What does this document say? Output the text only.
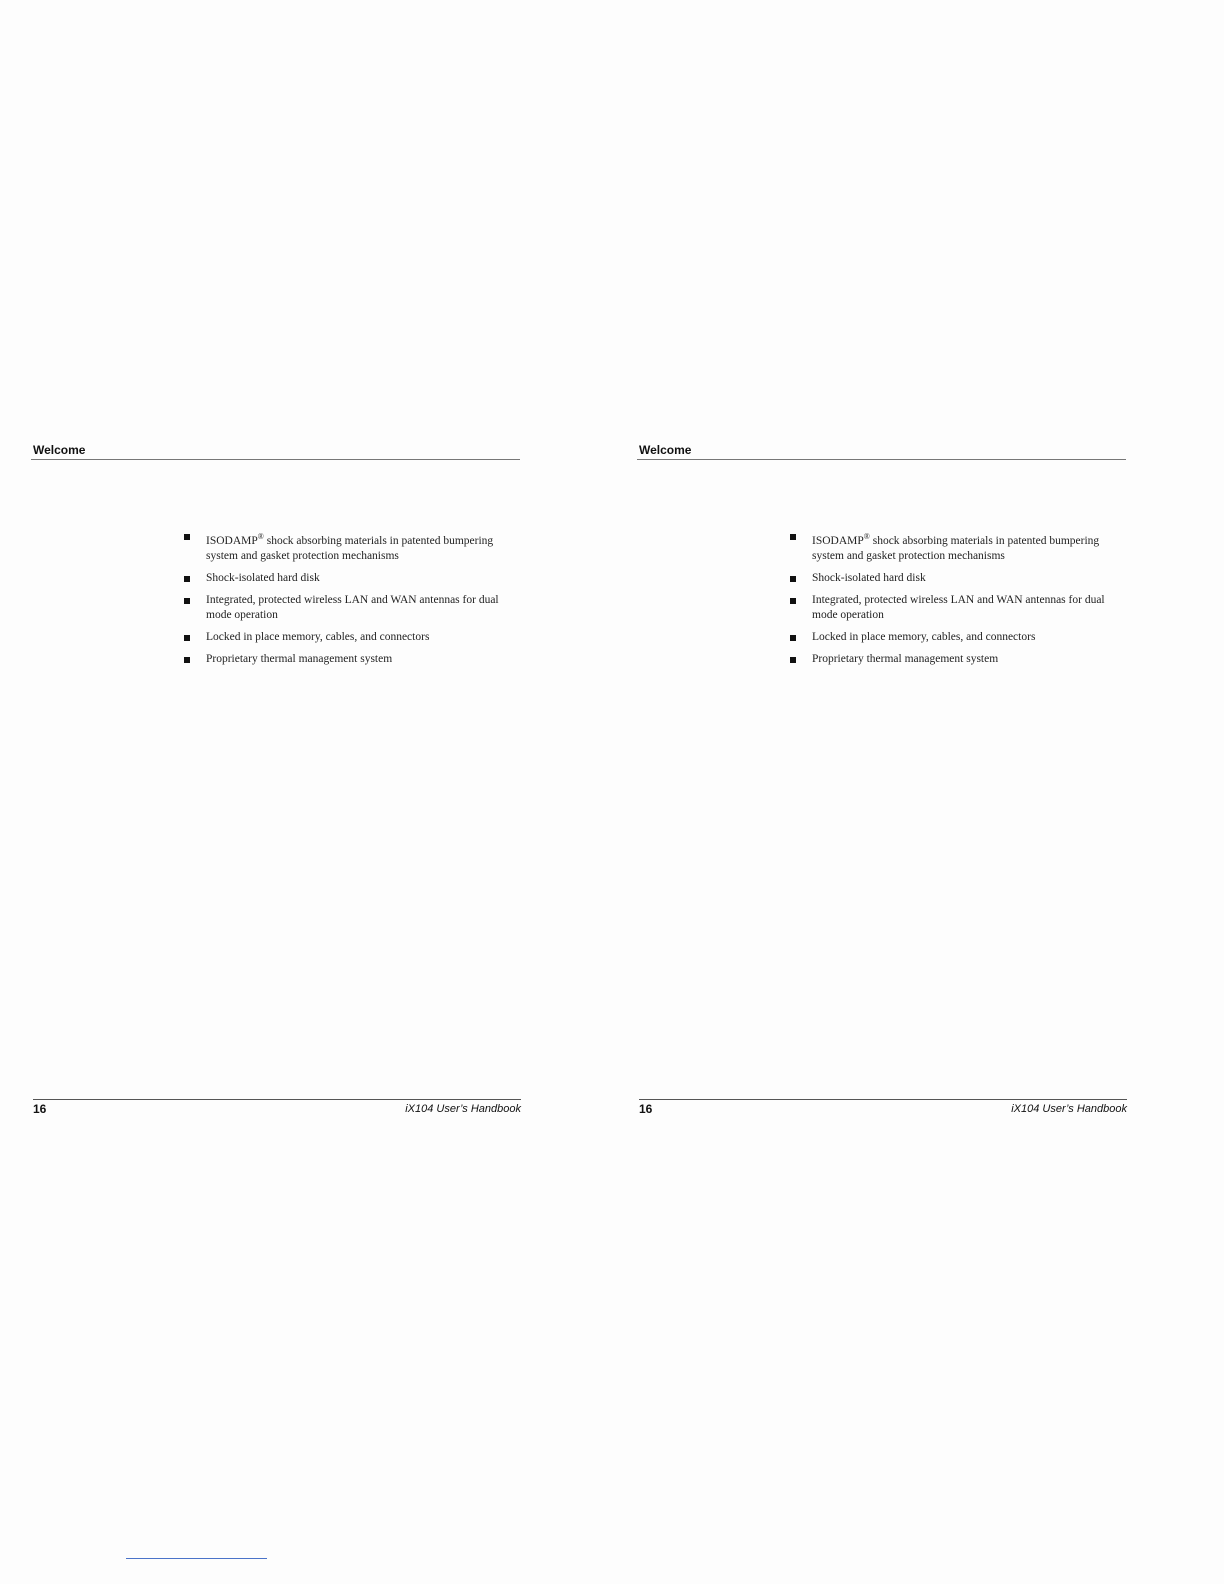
Welcome
ISODAMP® shock absorbing materials in patented bumpering system and gasket protection mechanisms
Shock-isolated hard disk
Integrated, protected wireless LAN and WAN antennas for dual mode operation
Locked in place memory, cables, and connectors
Proprietary thermal management system
16	iX104 User’s Handbook
Welcome
ISODAMP® shock absorbing materials in patented bumpering system and gasket protection mechanisms
Shock-isolated hard disk
Integrated, protected wireless LAN and WAN antennas for dual mode operation
Locked in place memory, cables, and connectors
Proprietary thermal management system
16	iX104 User’s Handbook
